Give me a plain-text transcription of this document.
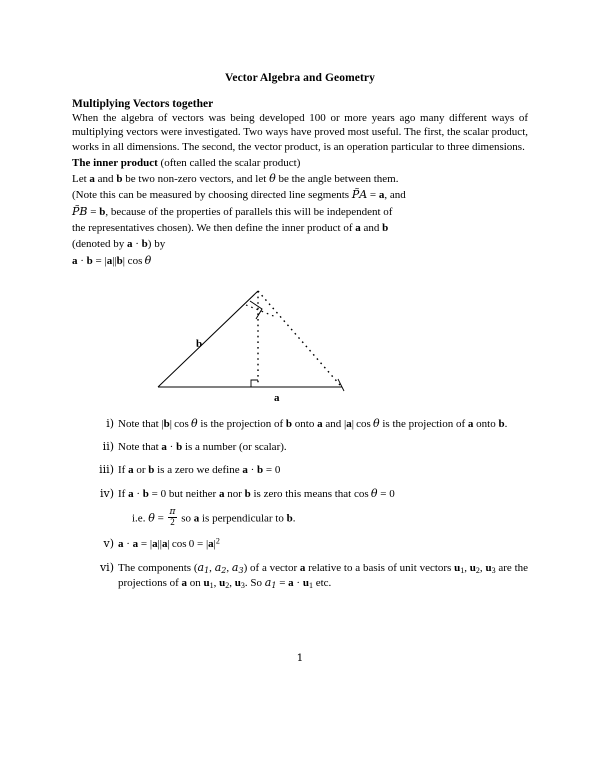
Vector Algebra and Geometry
Multiplying Vectors together

When the algebra of vectors was being developed 100 or more years ago many different ways of multiplying vectors were investigated. Two ways have proved most useful. The first, the scalar product, works in all dimensions. The second, the vector product, is an operation particular to three dimensions.

The inner product (often called the scalar product)

Let a and b be two non-zero vectors, and let θ be the angle between them.

(Note this can be measured by choosing directed line segments P̃A = a, and

P̃B = b, because of the properties of parallels this will be independent of

the representatives chosen). We then define the inner product of a and b

(denoted by a · b) by

a · b = |a||b| cos θ

b
a
i) Note that |b| cos θ is the projection of b onto a and |a| cos θ is the projection of a onto b.
ii) Note that a · b is a number (or scalar).
iii) If a or b is a zero we define a · b = 0
iv) If a · b = 0 but neither a nor b is zero this means that cos θ = 0
i.e. $\theta = \frac{\pi}{2}$ so a is perpendicular to b.
v) a · a = |a||a| $\cos 0 = |a|^2$
vi) The components ($a_1$, $a_2$, $a_3$) of a vector a relative to a basis of unit vectors $u_1$, $u_2$, $u_3$ are the projections of a on $u_1$, $u_2$, $u_3$. So $a_1 = a \cdot u_1$ etc.
1
